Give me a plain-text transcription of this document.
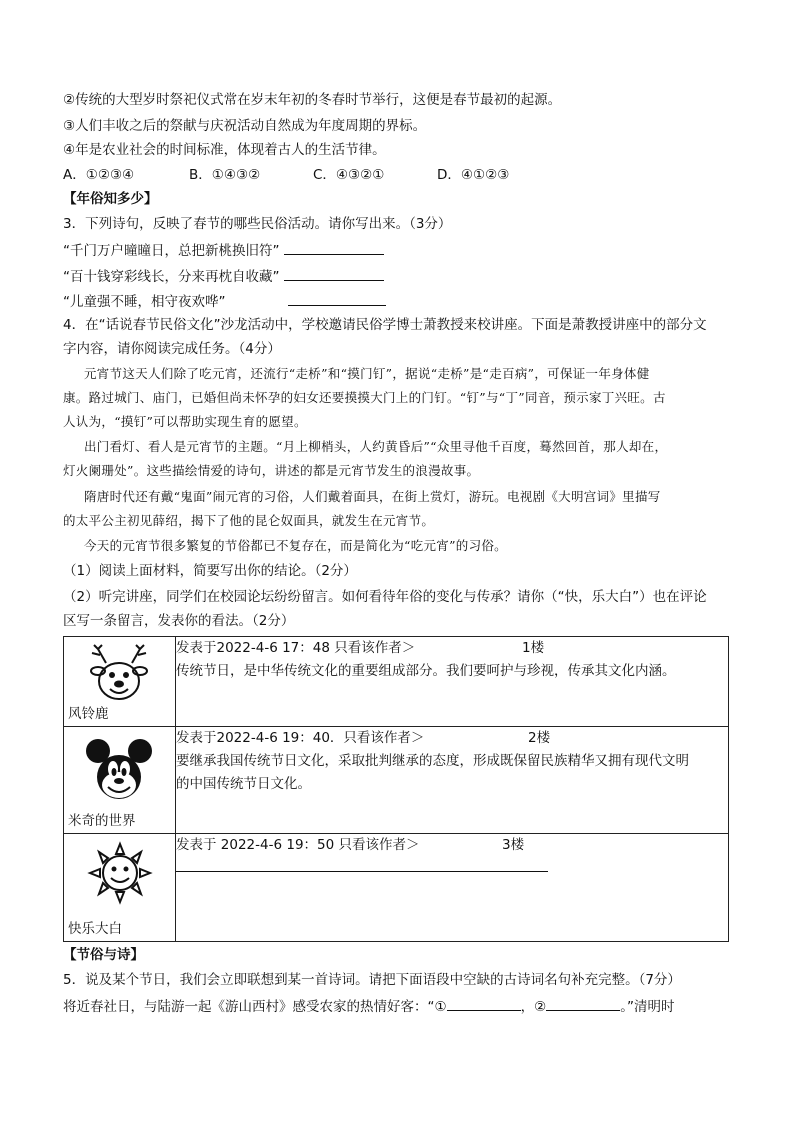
②传统的大型岁时祭祀仪式常在岁末年初的冬春时节举行，这便是春节最初的起源。
③人们丰收之后的祭献与庆祝活动自然成为年度周期的界标。
④年是农业社会的时间标准，体现着古人的生活节律。
A．①②③④	B．①④③②	C．④③②①	D．④①②③
【年俗知多少】
3．下列诗句，反映了春节的哪些民俗活动。请你写出来。（3分）
“千门万户曈曈日，总把新桃换旧符”
“百十钱穿彩线长，分来再枕自收藏”
“儿童强不睡，相守夜欢哗”
4．在“话说春节民俗文化”沙龙活动中，学校邀请民俗学博士萧教授来校讲座。下面是萧教授讲座中的部分文
字内容，请你阅读完成任务。（4分）
元宵节这天人们除了吃元宵，还流行“走桥”和“摸门钉”，据说“走桥”是“走百病”，可保证一年身体健
康。路过城门、庙门，已婚但尚未怀孕的妇女还要摸摸大门上的门钉。“钉”与“丁”同音，预示家丁兴旺。古
人认为，“摸钉”可以帮助实现生育的愿望。
出门看灯、看人是元宵节的主题。“月上柳梢头，人约黄昏后”“众里寻他千百度，蓦然回首，那人却在，
灯火阑珊处”。这些描绘情爱的诗句，讲述的都是元宵节发生的浪漫故事。
隋唐时代还有戴“鬼面”闹元宵的习俗，人们戴着面具，在街上赏灯，游玩。电视剧《大明宫词》里描写
的太平公主初见薛绍，揭下了他的昆仑奴面具，就发生在元宵节。
今天的元宵节很多繁复的节俗都已不复存在，而是简化为“吃元宵”的习俗。
（1）阅读上面材料，简要写出你的结论。（2分）
（2）听完讲座，同学们在校园论坛纷纷留言。如何看待年俗的变化与传承？请你（“快，乐大白”）也在评论
区写一条留言，发表你的看法。（2分）
风铃鹿	发表于2022-4-6 17：48 只看该作者＞ 1楼
传统节日，是中华传统文化的重要组成部分。我们要呵护与珍视，传承其文化内涵。

米奇的世界	发表于2022-4-6 19：40．只看该作者＞ 2楼
要继承我国传统节日文化，采取批判继承的态度，形成既保留民族精华又拥有现代文明
的中国传统节日文化。

快乐大白	发表于 2022-4-6 19：50 只看该作者＞ 3楼
【节俗与诗】
5．说及某个节日，我们会立即联想到某一首诗词。请把下面语段中空缺的古诗词名句补充完整。（7分）
将近春社日，与陆游一起《游山西村》感受农家的热情好客：“①	，②	。”清明时
